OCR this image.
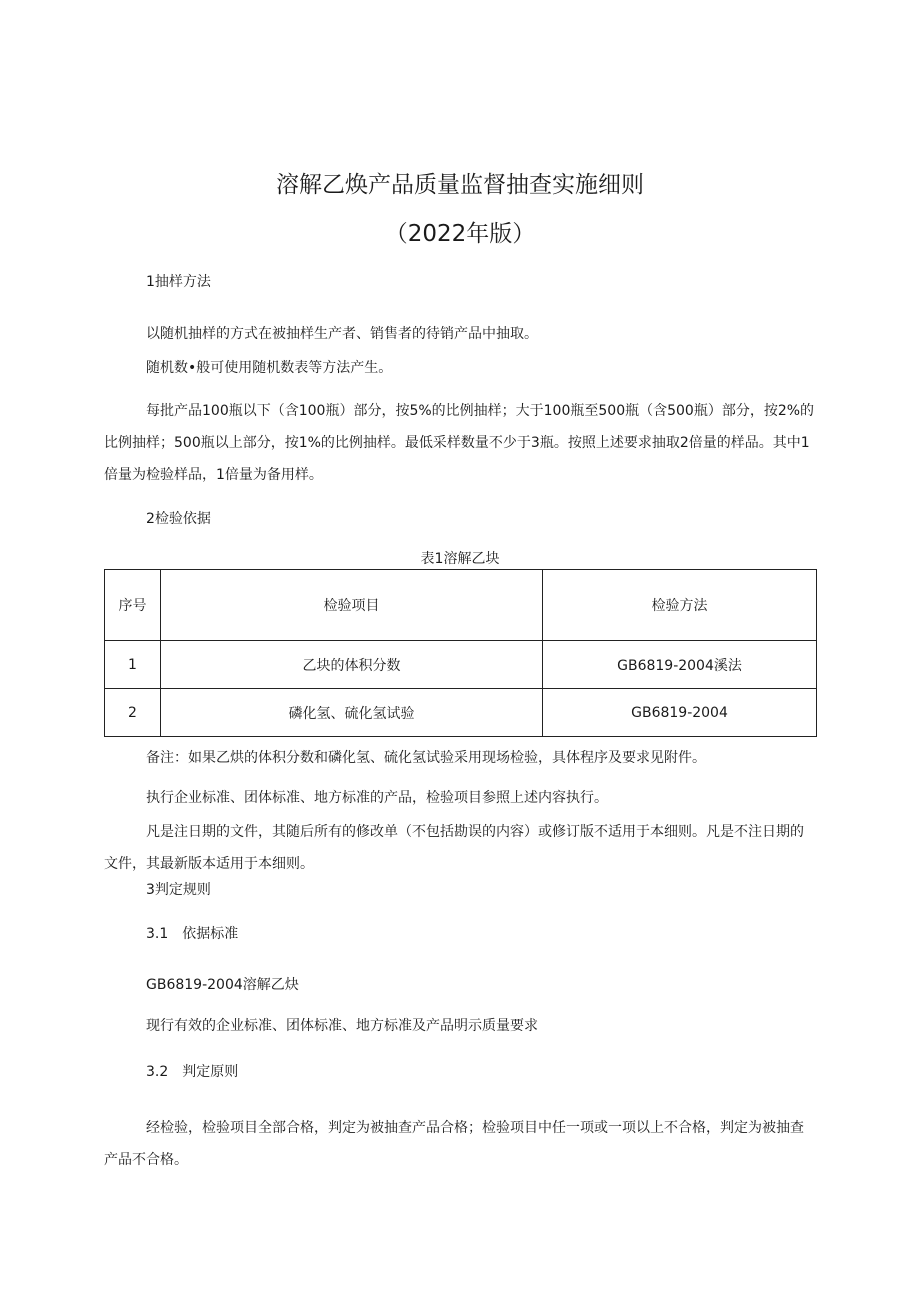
溶解乙焕产品质量监督抽查实施细则
（2022年版）
1抽样方法
以随机抽样的方式在被抽样生产者、销售者的待销产品中抽取。
随机数•般可使用随机数表等方法产生。
每批产品100瓶以下（含100瓶）部分，按5%的比例抽样；大于100瓶至500瓶（含500瓶）部分，按2%的比例抽样；500瓶以上部分，按1%的比例抽样。最低采样数量不少于3瓶。按照上述要求抽取2倍量的样品。其中1倍量为检验样品，1倍量为备用样。
2检验依据
表1溶解乙块
序号	检验项目	检验方法
1	乙块的体积分数	GB6819-2004溪法
2	磷化氢、硫化氢试验	GB6819-2004
备注：如果乙烘的体积分数和磷化氢、硫化氢试验采用现场检验，具体程序及要求见附件。
执行企业标准、团体标准、地方标准的产品，检验项目参照上述内容执行。
凡是注日期的文件，其随后所有的修改单（不包括勘误的内容）或修订版不适用于本细则。凡是不注日期的文件，其最新版本适用于本细则。
3判定规则
3.1　依据标准
GB6819-2004溶解乙炔
现行有效的企业标准、团体标准、地方标准及产品明示质量要求
3.2　判定原则
经检验，检验项目全部合格，判定为被抽查产品合格；检验项目中任一项或一项以上不合格，判定为被抽查产品不合格。
